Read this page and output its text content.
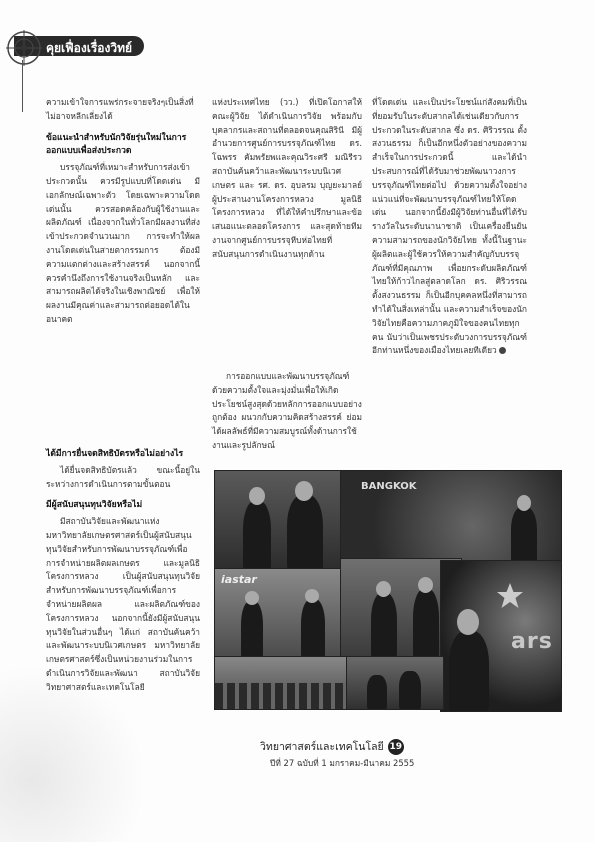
คุยเฟื่องเรื่องวิทย์

ความเข้าใจการแพร่กระจายจริงๆเป็นสิ่งที่ไม่อาจหลีกเลี่ยงได้

ข้อแนะนำสำหรับนักวิจัยรุ่นใหม่ในการออกแบบเพื่อส่งประกวด

บรรจุภัณฑ์ที่เหมาะสำหรับการส่งเข้าประกวดนั้น ควรมีรูปแบบที่โดดเด่น มีเอกลักษณ์เฉพาะตัว โดยเฉพาะความโดดเด่นนั้น ควรสอดคล้องกับผู้ใช้งานและผลิตภัณฑ์ เนื่องจากในทั่วโลกมีผลงานที่ส่งเข้าประกวดจำนวนมาก การจะทำให้ผลงานโดดเด่นในสายตากรรมการ ต้องมีความแตกต่างและสร้างสรรค์ นอกจากนี้ควรคำนึงถึงการใช้งานจริงเป็นหลัก และสามารถผลิตได้จริงในเชิงพาณิชย์ เพื่อให้ผลงานมีคุณค่าและสามารถต่อยอดได้ในอนาคต

ได้มีการยื่นจดสิทธิบัตรหรือไม่อย่างไร

ได้ยื่นจดสิทธิบัตรแล้ว ขณะนี้อยู่ในระหว่างการดำเนินการตามขั้นตอน

มีผู้สนับสนุนทุนวิจัยหรือไม่

มีสถาบันวิจัยและพัฒนาแห่งมหาวิทยาลัยเกษตรศาสตร์เป็นผู้สนับสนุนทุนวิจัยสำหรับการพัฒนาบรรจุภัณฑ์เพื่อการจำหน่ายผลิตผลเกษตร และมูลนิธิโครงการหลวง เป็นผู้สนับสนุนทุนวิจัยสำหรับการพัฒนาบรรจุภัณฑ์เพื่อการจำหน่ายผลิตผล และผลิตภัณฑ์ของโครงการหลวง นอกจากนี้ยังมีผู้สนับสนุนทุนวิจัยในส่วนอื่นๆ ได้แก่ สถาบันค้นคว้าและพัฒนาระบบนิเวศเกษตร มหาวิทยาลัยเกษตรศาสตร์ซึ่งเป็นหน่วยงานร่วมในการดำเนินการวิจัยและพัฒนา สถาบันวิจัยวิทยาศาสตร์และเทคโนโลยี

แห่งประเทศไทย (วว.) ที่เปิดโอกาสให้คณะผู้วิจัย ได้ดำเนินการวิจัย พร้อมกับบุคลากรและสถานที่ตลอดจนคุณสิรินี มีผู้อำนวยการศูนย์การบรรจุภัณฑ์ไทย ดร. โฉพรร คัมพรัยพและคุณวิระศรี มณิรีรว สถาบันค้นคว้าและพัฒนาระบบนิเวศเกษตร และ รศ. ดร. อุบลรม บุญยะมาลย์ ผู้ประสานงานโครงการหลวง มูลนิธิโครงการหลวง ที่ได้ให้คำปรึกษาและข้อเสนอแนะตลอดโครงการ และสุดท้ายทีมงานจากศูนย์การบรรจุหีบห่อไทยที่สนับสนุนการดำเนินงานทุกด้าน

การออกแบบและพัฒนาบรรจุภัณฑ์ด้วยความตั้งใจและมุ่งมั่นเพื่อให้เกิดประโยชน์สูงสุดด้วยหลักการออกแบบอย่างถูกต้อง ผนวกกับความคิดสร้างสรรค์ ย่อมได้ผลลัพธ์ที่มีความสมบูรณ์ทั้งด้านการใช้งานและรูปลักษณ์

ที่โดดเด่น และเป็นประโยชน์แก่สังคมที่เป็นที่ยอมรับในระดับสากลได้เช่นเดียวกับการประกวดในระดับสากล ซึ่ง ดร. ศิริวรรณ ตั้งสงวนธรรม ก็เป็นอีกหนึ่งตัวอย่างของความสำเร็จในการประกวดนี้ และได้นำประสบการณ์ที่ได้รับมาช่วยพัฒนาวงการบรรจุภัณฑ์ไทยต่อไป ด้วยความตั้งใจอย่างแน่วแน่ที่จะพัฒนาบรรจุภัณฑ์ไทยให้โดดเด่น นอกจากนี้ยังมีผู้วิจัยท่านอื่นที่ได้รับรางวัลในระดับนานาชาติ เป็นเครื่องยืนยันความสามารถของนักวิจัยไทย ทั้งนี้ในฐานะผู้ผลิตและผู้ใช้ควรให้ความสำคัญกับบรรจุภัณฑ์ที่มีคุณภาพ เพื่อยกระดับผลิตภัณฑ์ไทยให้ก้าวไกลสู่ตลาดโลก ดร. ศิริวรรณ ตั้งสงวนธรรม ก็เป็นอีกบุคคลหนึ่งที่สามารถทำได้ในสิ่งเหล่านั้น และความสำเร็จของนักวิจัยไทยคือความภาคภูมิใจของคนไทยทุกคน นับว่าเป็นเพชรประดับวงการบรรจุภัณฑ์อีกท่านหนึ่งของเมืองไทยเลยทีเดียว

BANGKOK
iastar
ars
วิทยาศาสตร์และเทคโนโลยี 19
ปีที่ 27 ฉบับที่ 1 มกราคม-มีนาคม 2555
